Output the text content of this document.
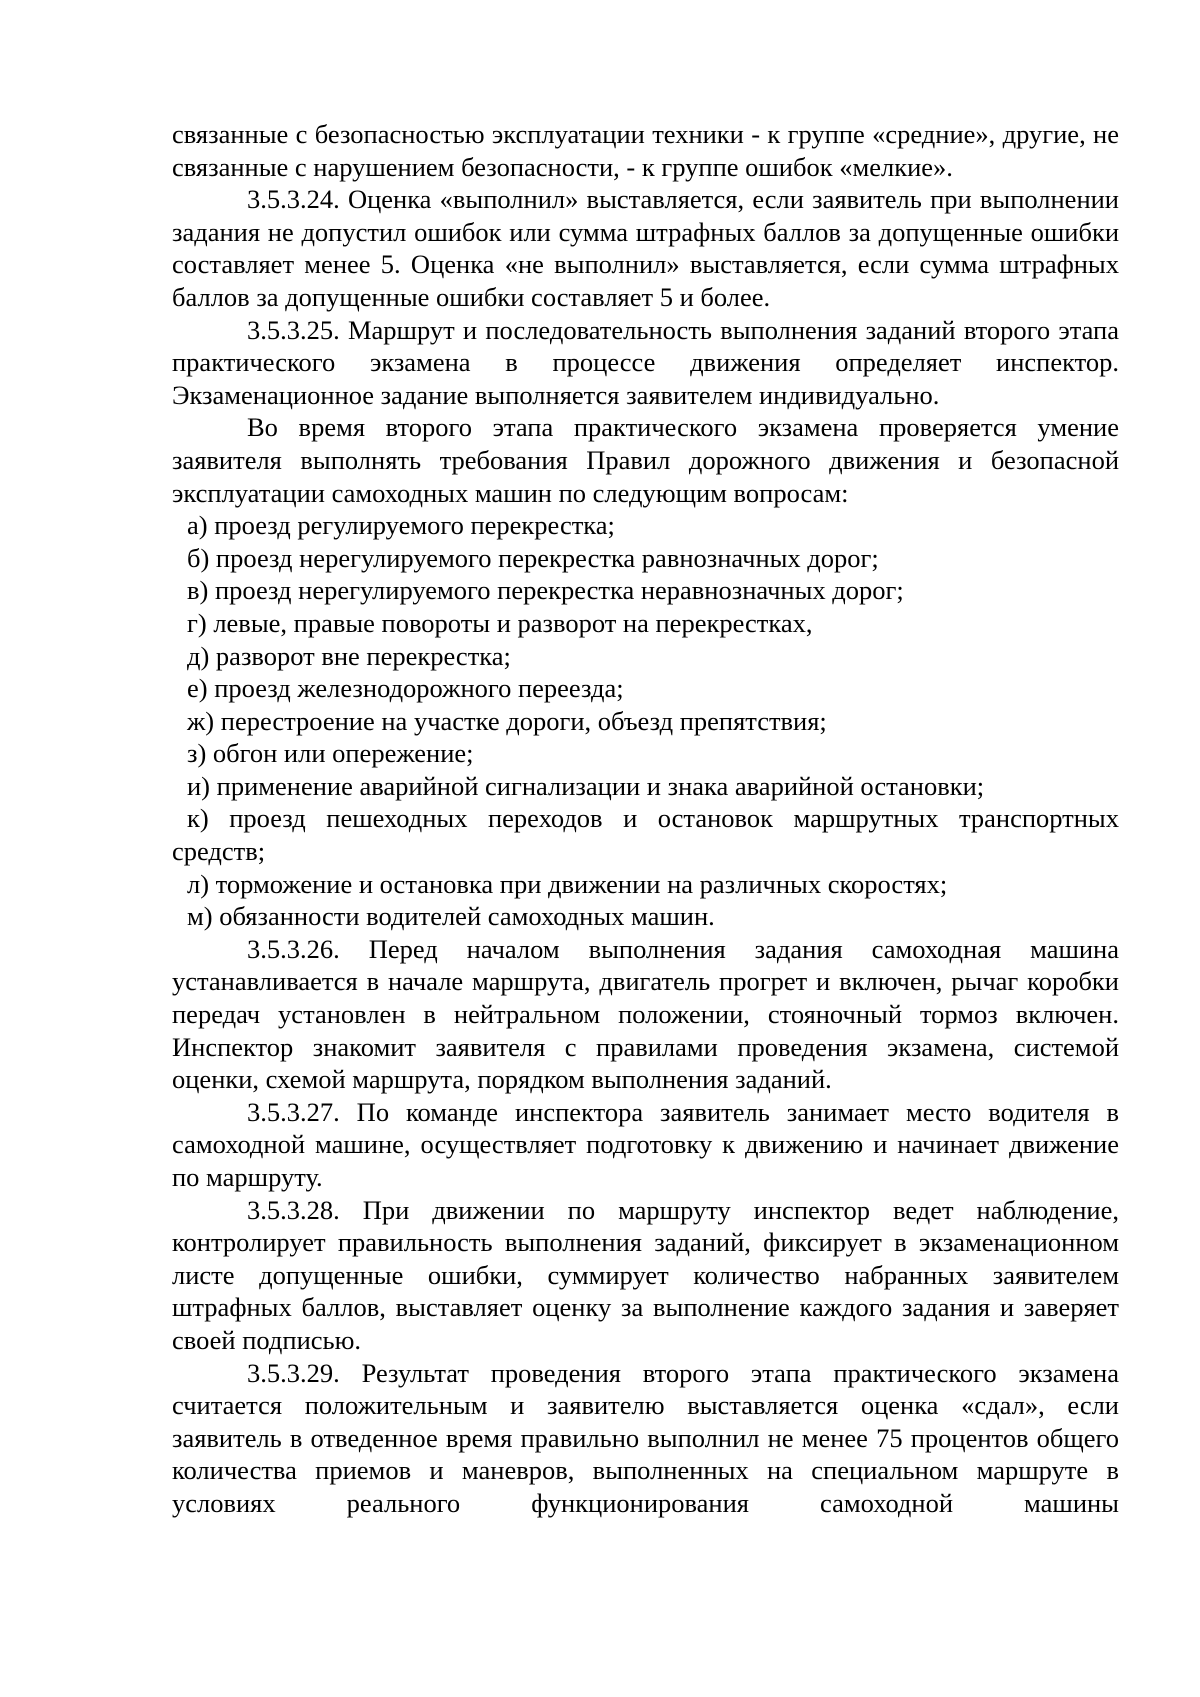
связанные с безопасностью эксплуатации техники - к группе «средние», другие, не связанные с нарушением безопасности, - к группе ошибок «мелкие».

3.5.3.24. Оценка «выполнил» выставляется, если заявитель при выполнении задания не допустил ошибок или сумма штрафных баллов за допущенные ошибки составляет менее 5. Оценка «не выполнил» выставляется, если сумма штрафных баллов за допущенные ошибки составляет 5 и более.

3.5.3.25. Маршрут и последовательность выполнения заданий второго этапа практического экзамена в процессе движения определяет инспектор. Экзаменационное задание выполняется заявителем индивидуально.

Во время второго этапа практического экзамена проверяется умение заявителя выполнять требования Правил дорожного движения и безопасной эксплуатации самоходных машин по следующим вопросам:

а) проезд регулируемого перекрестка;

б) проезд нерегулируемого перекрестка равнозначных дорог;

в) проезд нерегулируемого перекрестка неравнозначных дорог;

г) левые, правые повороты и разворот на перекрестках,

д) разворот вне перекрестка;

е) проезд железнодорожного переезда;

ж) перестроение на участке дороги, объезд препятствия;

з) обгон или опережение;

и) применение аварийной сигнализации и знака аварийной остановки;

к) проезд пешеходных переходов и остановок маршрутных транспортных средств;

л) торможение и остановка при движении на различных скоростях;

м) обязанности водителей самоходных машин.

3.5.3.26. Перед началом выполнения задания самоходная машина устанавливается в начале маршрута, двигатель прогрет и включен, рычаг коробки передач установлен в нейтральном положении, стояночный тормоз включен. Инспектор знакомит заявителя с правилами проведения экзамена, системой оценки, схемой маршрута, порядком выполнения заданий.

3.5.3.27. По команде инспектора заявитель занимает место водителя в самоходной машине, осуществляет подготовку к движению и начинает движение по маршруту.

3.5.3.28. При движении по маршруту инспектор ведет наблюдение, контролирует правильность выполнения заданий, фиксирует в экзаменационном листе допущенные ошибки, суммирует количество набранных заявителем штрафных баллов, выставляет оценку за выполнение каждого задания и заверяет своей подписью.

3.5.3.29. Результат проведения второго этапа практического экзамена считается положительным и заявителю выставляется оценка «сдал», если заявитель в отведенное время правильно выполнил не менее 75 процентов общего количества приемов и маневров, выполненных на специальном маршруте в условиях реального функционирования самоходной машины
